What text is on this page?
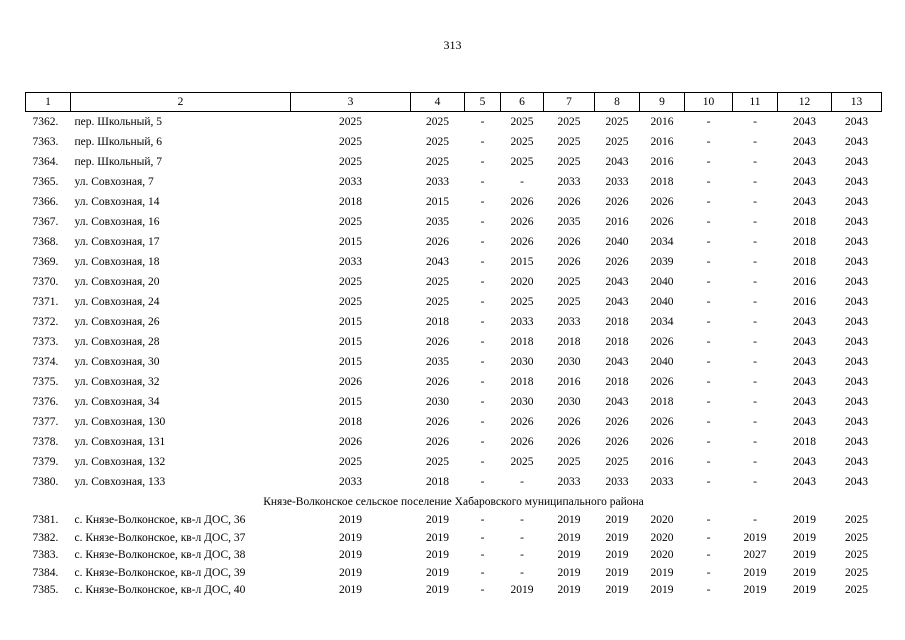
313
1	2	3	4	5	6	7	8	9	10	11	12	13
7362.	пер. Школьный, 5	2025	2025	-	2025	2025	2025	2016	-	-	2043	2043
7363.	пер. Школьный, 6	2025	2025	-	2025	2025	2025	2016	-	-	2043	2043
7364.	пер. Школьный, 7	2025	2025	-	2025	2025	2043	2016	-	-	2043	2043
7365.	ул. Совхозная, 7	2033	2033	-	-	2033	2033	2018	-	-	2043	2043
7366.	ул. Совхозная, 14	2018	2015	-	2026	2026	2026	2026	-	-	2043	2043
7367.	ул. Совхозная, 16	2025	2035	-	2026	2035	2016	2026	-	-	2018	2043
7368.	ул. Совхозная, 17	2015	2026	-	2026	2026	2040	2034	-	-	2018	2043
7369.	ул. Совхозная, 18	2033	2043	-	2015	2026	2026	2039	-	-	2018	2043
7370.	ул. Совхозная, 20	2025	2025	-	2020	2025	2043	2040	-	-	2016	2043
7371.	ул. Совхозная, 24	2025	2025	-	2025	2025	2043	2040	-	-	2016	2043
7372.	ул. Совхозная, 26	2015	2018	-	2033	2033	2018	2034	-	-	2043	2043
7373.	ул. Совхозная, 28	2015	2026	-	2018	2018	2018	2026	-	-	2043	2043
7374.	ул. Совхозная, 30	2015	2035	-	2030	2030	2043	2040	-	-	2043	2043
7375.	ул. Совхозная, 32	2026	2026	-	2018	2016	2018	2026	-	-	2043	2043
7376.	ул. Совхозная, 34	2015	2030	-	2030	2030	2043	2018	-	-	2043	2043
7377.	ул. Совхозная, 130	2018	2026	-	2026	2026	2026	2026	-	-	2043	2043
7378.	ул. Совхозная, 131	2026	2026	-	2026	2026	2026	2026	-	-	2018	2043
7379.	ул. Совхозная, 132	2025	2025	-	2025	2025	2025	2016	-	-	2043	2043
7380.	ул. Совхозная, 133	2033	2018	-	-	2033	2033	2033	-	-	2043	2043
Князе-Волконское сельское поселение Хабаровского муниципального района												
7381.	с. Князе-Волконское, кв-л ДОС, 36	2019	2019	-	-	2019	2019	2020	-	-	2019	2025
7382.	с. Князе-Волконское, кв-л ДОС, 37	2019	2019	-	-	2019	2019	2020	-	2019	2019	2025
7383.	с. Князе-Волконское, кв-л ДОС, 38	2019	2019	-	-	2019	2019	2020	-	2027	2019	2025
7384.	с. Князе-Волконское, кв-л ДОС, 39	2019	2019	-	-	2019	2019	2019	-	2019	2019	2025
7385.	с. Князе-Волконское, кв-л ДОС, 40	2019	2019	-	2019	2019	2019	2019	-	2019	2019	2025
